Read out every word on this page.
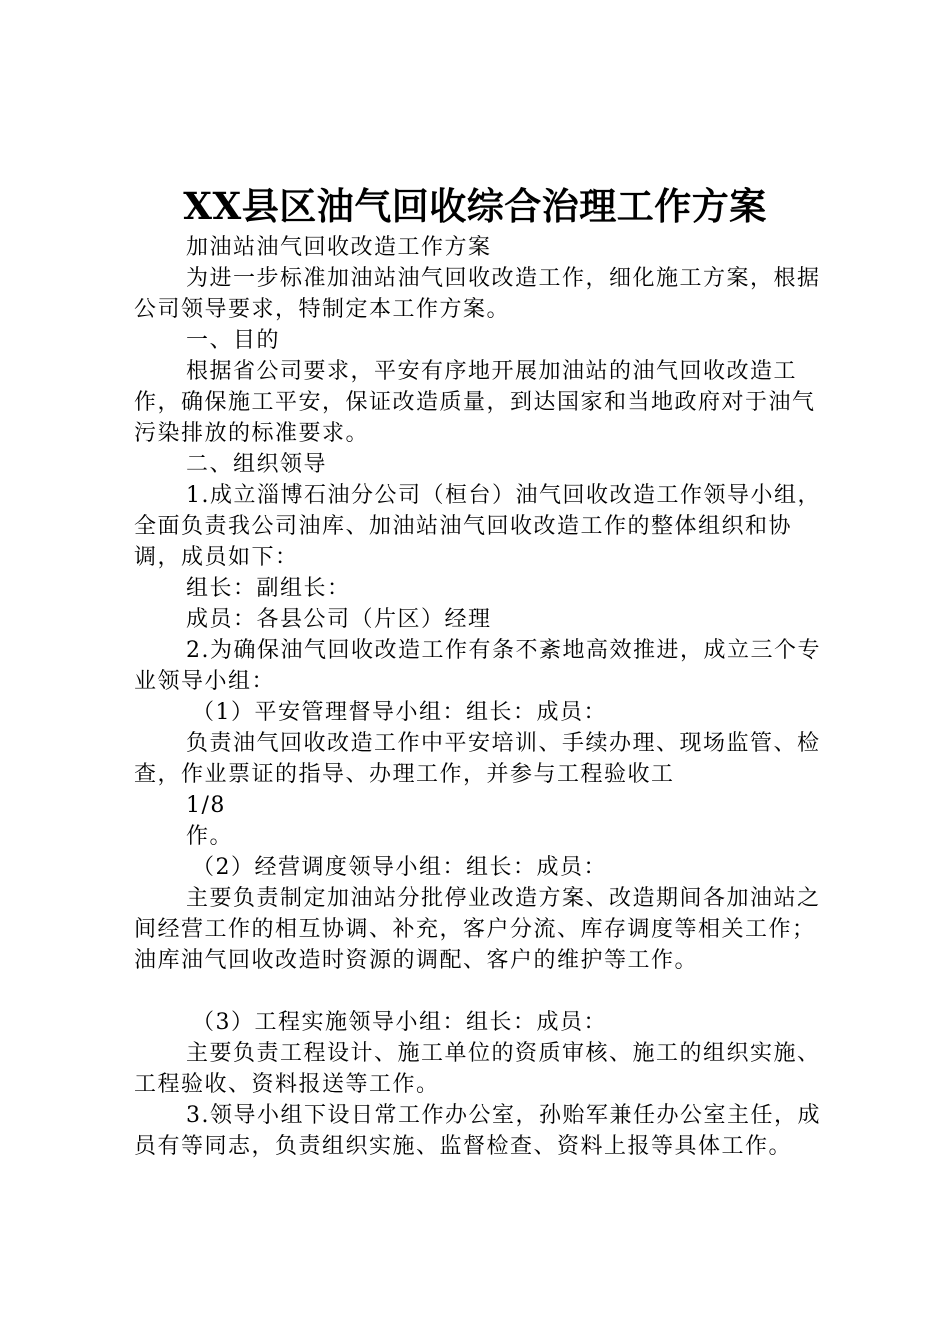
XX县区油气回收综合治理工作方案

加油站油气回收改造工作方案

为进一步标准加油站油气回收改造工作，细化施工方案，根据公司领导要求，特制定本工作方案。

一、目的

根据省公司要求，平安有序地开展加油站的油气回收改造工作，确保施工平安，保证改造质量，到达国家和当地政府对于油气污染排放的标准要求。

二、组织领导

1.成立淄博石油分公司（桓台）油气回收改造工作领导小组，全面负责我公司油库、加油站油气回收改造工作的整体组织和协调，成员如下：

组长：副组长：

成员：各县公司（片区）经理

2.为确保油气回收改造工作有条不紊地高效推进，成立三个专业领导小组：

（1）平安管理督导小组：组长：成员：

负责油气回收改造工作中平安培训、手续办理、现场监管、检查，作业票证的指导、办理工作，并参与工程验收工

1/8

作。

（2）经营调度领导小组：组长：成员：

主要负责制定加油站分批停业改造方案、改造期间各加油站之间经营工作的相互协调、补充，客户分流、库存调度等相关工作；油库油气回收改造时资源的调配、客户的维护等工作。

（3）工程实施领导小组：组长：成员：

主要负责工程设计、施工单位的资质审核、施工的组织实施、工程验收、资料报送等工作。

3.领导小组下设日常工作办公室，孙贻军兼任办公室主任，成员有等同志，负责组织实施、监督检查、资料上报等具体工作。
